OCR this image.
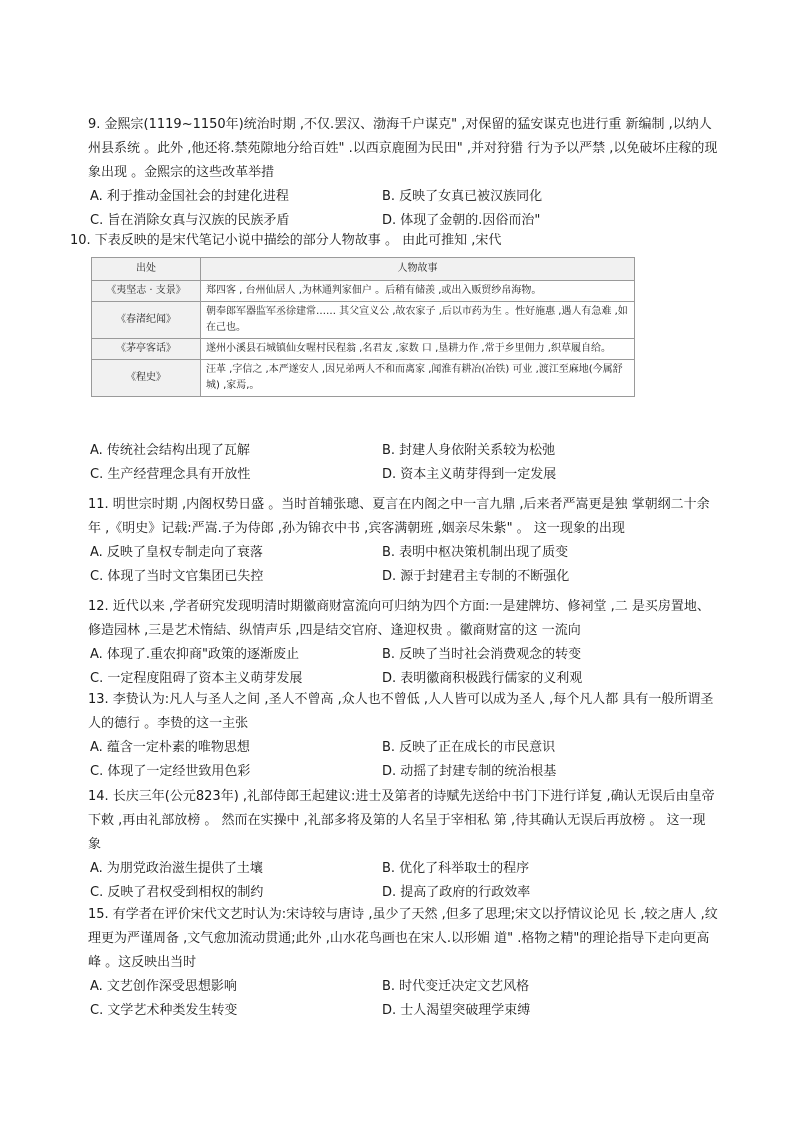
9. 金熙宗(1119~1150年)统治时期 ,不仅.罢汉、渤海千户谋克" ,对保留的猛安谋克也进行重 新编制 ,以纳人州县系统 。此外 ,他还将.禁苑隙地分给百姓" .以西京鹿囿为民田" ,并对狩猎 行为予以严禁 ,以免破坏庄稼的现象出现 。金熙宗的这些改革举措

A. 利于推动金国社会的封建化进程	B. 反映了女真已被汉族同化
C. 旨在消除女真与汉族的民族矛盾	D. 体现了金朝的.因俗而治"

10. 下表反映的是宋代笔记小说中描绘的部分人物故事 。 由此可推知 ,宋代

出处	人物故事
《夷坚志 · 支景》	郑四客 , 台州仙居人 ,为林通判家佃户 。后稍有储羡 ,或出入贩贸纱帛海物。
《春渚纪闻》	朝奉郎军器监军丞徐建常…… 其父宣义公 ,故农家子 ,后以市药为生 。性好施惠 ,遇人有急难 ,如在己也。
《茅亭客话》	遂州小溪县石城镇仙女喔村民程翁 ,名君友 ,家数 口 ,垦耕力作 ,常于乡里佣力 ,织草履自给。
《程史》	汪革 ,字信之 ,本严遂安人 ,因兄弟两人不和而离家 ,闻淮有耕冶(冶铁) 可业 ,渡江至麻地(今属舒城) ,家焉,。
A. 传统社会结构出现了瓦解	B. 封建人身依附关系较为松弛
C. 生产经营理念具有开放性	D. 资本主义萌芽得到一定发展

11. 明世宗时期 ,内阁权势日盛 。当时首辅张璁、夏言在内阁之中一言九鼎 ,后来者严嵩更是独 掌朝纲二十余年 ,《明史》记载:严嵩.子为侍郎 ,孙为锦衣中书 ,宾客满朝班 ,姻亲尽朱紫" 。 这一现象的出现

A. 反映了皇权专制走向了衰落	B. 表明中枢决策机制出现了质变
C. 体现了当时文官集团已失控	D. 源于封建君主专制的不断强化

12. 近代以来 ,学者研究发现明清时期徽商财富流向可归纳为四个方面:一是建牌坊、修祠堂 ,二 是买房置地、修造园林 ,三是艺术惰結、纵情声乐 ,四是结交官府、逢迎权贵 。徽商财富的这 一流向

A. 体现了.重农抑商"政策的逐渐废止	B. 反映了当时社会消费观念的转变
C. 一定程度阻碍了资本主义萌芽发展	D. 表明徽商积极践行儒家的义利观

13. 李贽认为:凡人与圣人之间 ,圣人不曾高 ,众人也不曾低 ,人人皆可以成为圣人 ,每个凡人都 具有一般所谓圣人的德行 。李贽的这一主张

A. 蕴含一定朴素的唯物思想	B. 反映了正在成长的市民意识
C. 体现了一定经世致用色彩	D. 动摇了封建专制的统治根基

14. 长庆三年(公元823年) ,礼部侍郎王起建议:进士及第者的诗赋先送给中书门下进行详复 ,确认无误后由皇帝下敕 ,再由礼部放榜 。 然而在实操中 ,礼部多将及第的人名呈于宰相私 第 ,待其确认无误后再放榜 。 这一现象

A. 为朋党政治滋生提供了土壤	B. 优化了科举取士的程序
C. 反映了君权受到相权的制约	D. 提高了政府的行政效率

15. 有学者在评价宋代文艺时认为:宋诗较与唐诗 ,虽少了天然 ,但多了思理;宋文以抒情议论见 长 ,较之唐人 ,纹理更为严谨周备 ,文气愈加流动贯通;此外 ,山水花鸟画也在宋人.以形媚 道" .格物之精"的理论指导下走向更高峰 。这反映出当时

A. 文艺创作深受思想影响	B. 时代变迁决定文艺风格
C. 文学艺术种类发生转变	D. 士人渴望突破理学束缚
